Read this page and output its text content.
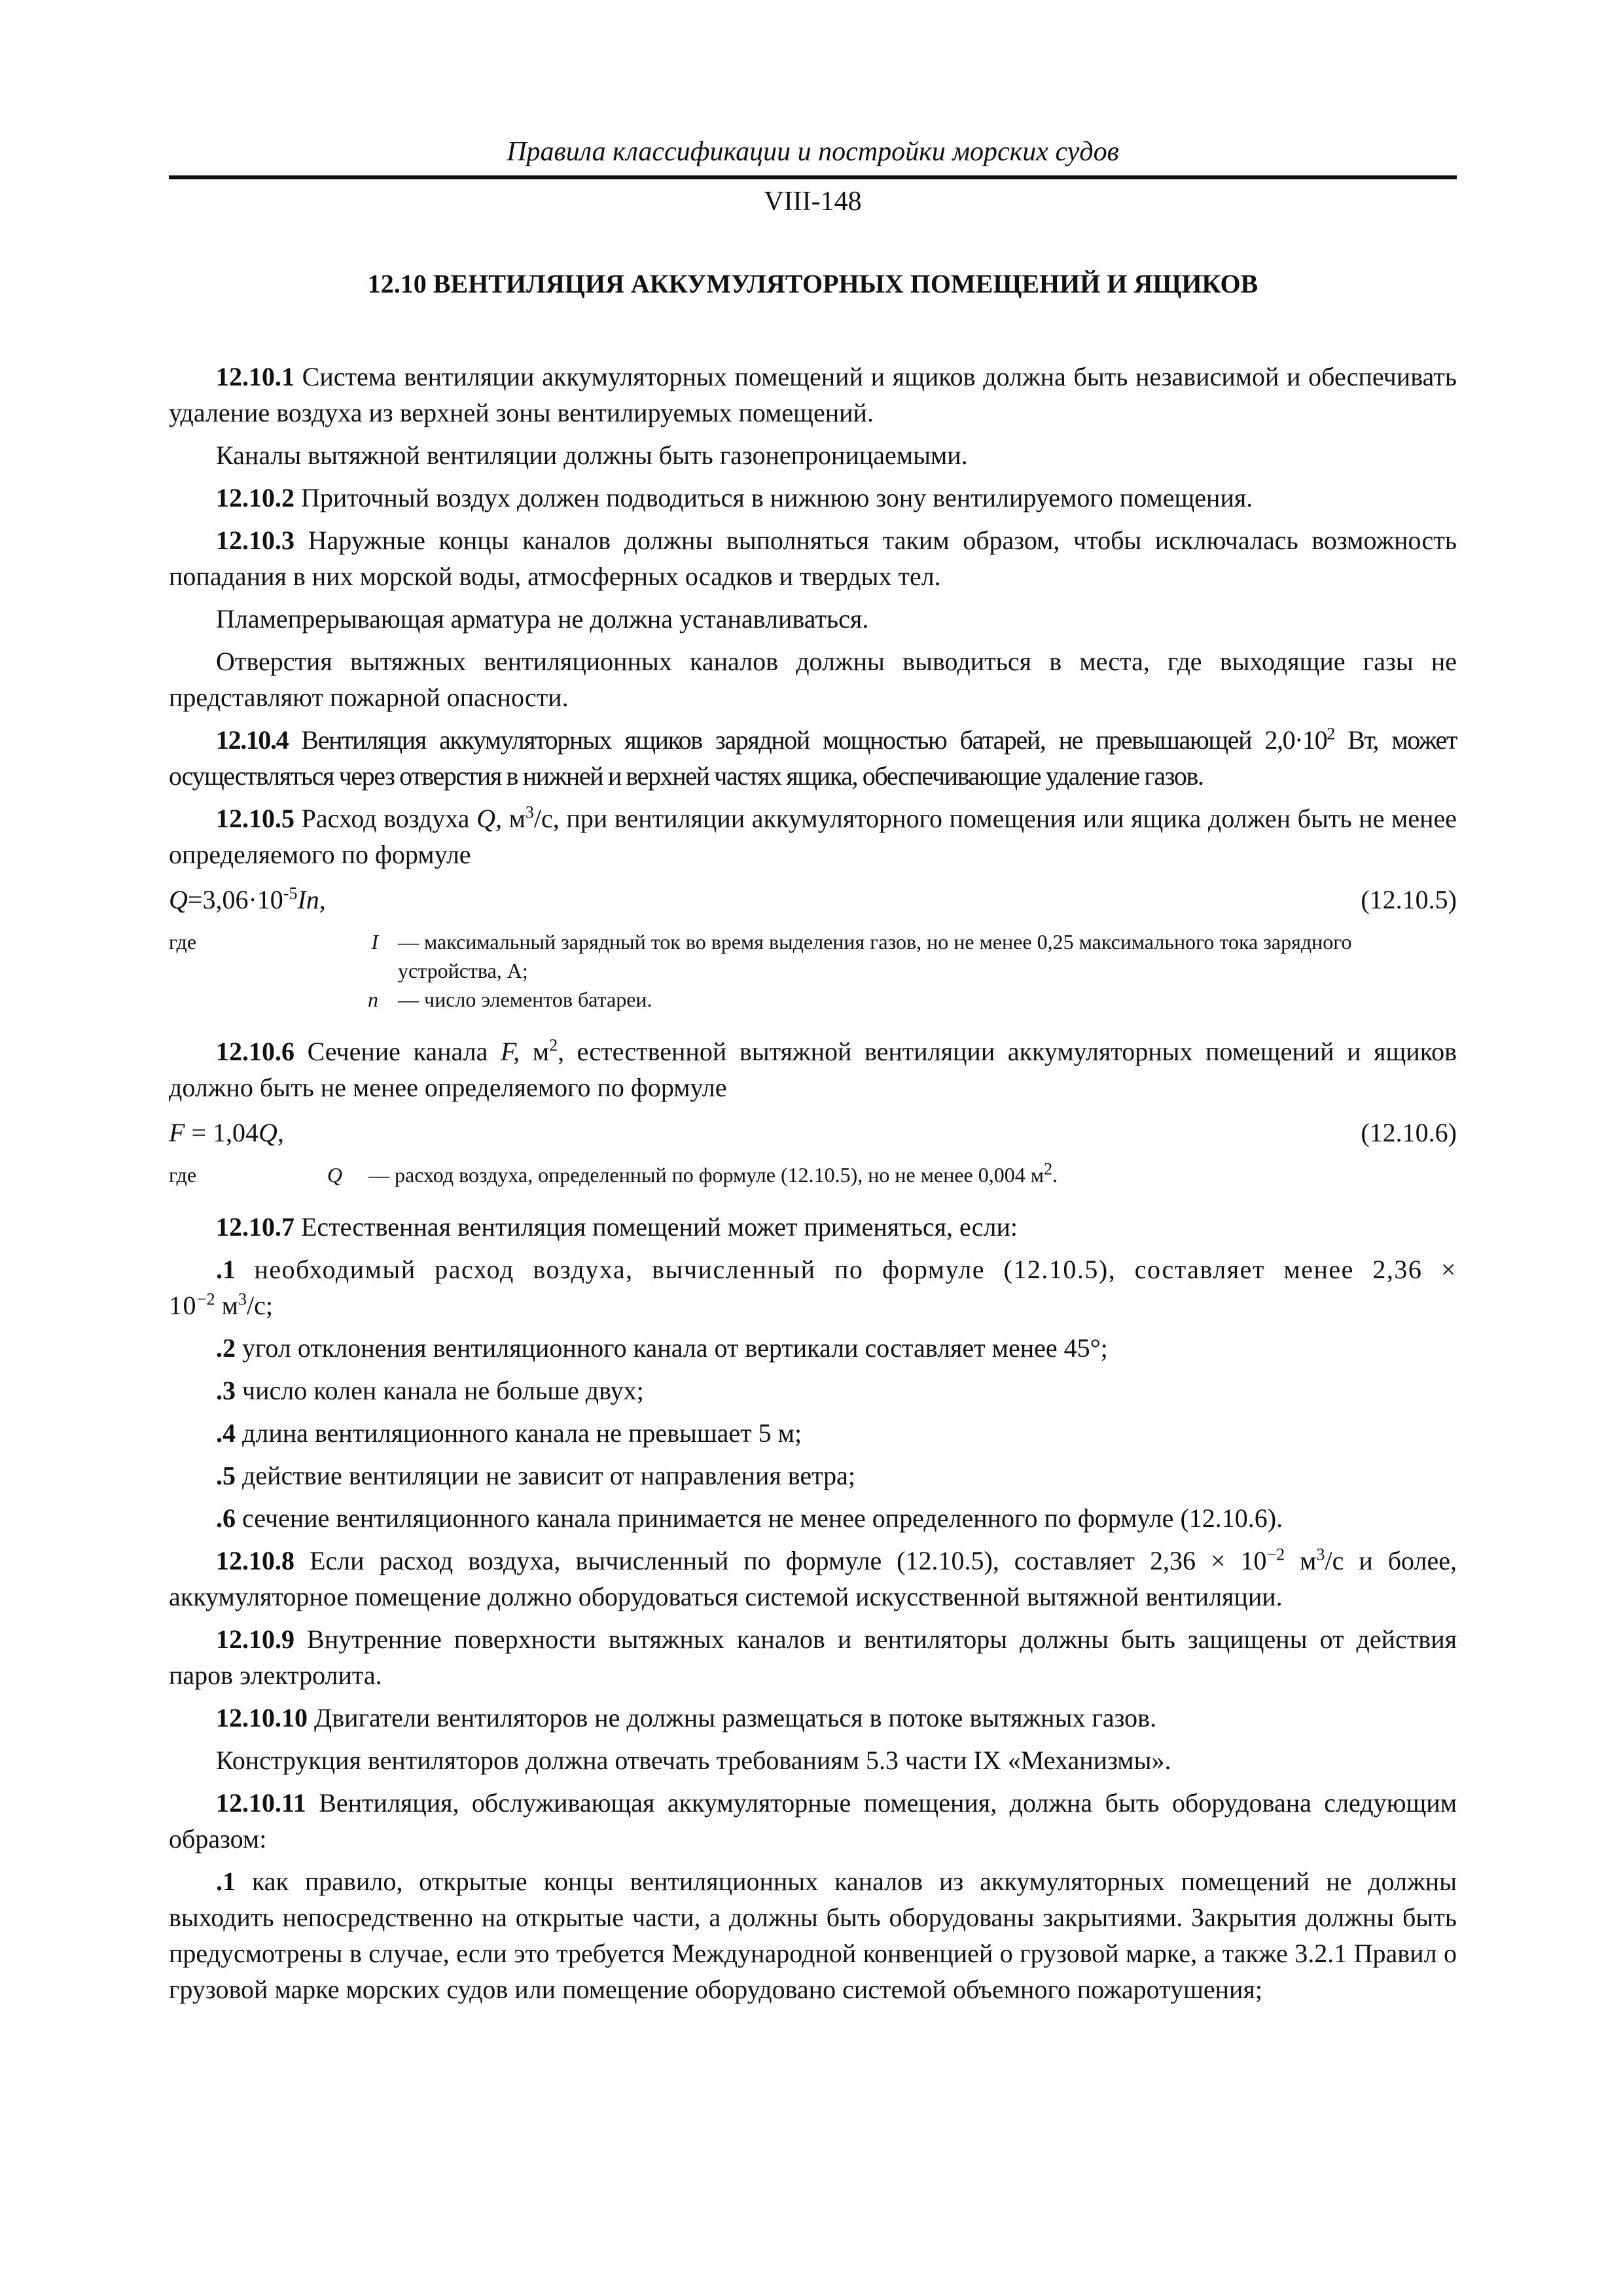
Правила классификации и постройки морских судов
VIII-148
12.10 ВЕНТИЛЯЦИЯ АККУМУЛЯТОРНЫХ ПОМЕЩЕНИЙ И ЯЩИКОВ

12.10.1 Система вентиляции аккумуляторных помещений и ящиков должна быть независимой и обеспечивать удаление воздуха из верхней зоны вентилируемых помещений.

Каналы вытяжной вентиляции должны быть газонепроницаемыми.

12.10.2 Приточный воздух должен подводиться в нижнюю зону вентилируемого помещения.

12.10.3 Наружные концы каналов должны выполняться таким образом, чтобы исключалась возможность попадания в них морской воды, атмосферных осадков и твердых тел.

Пламепрерывающая арматура не должна устанавливаться.

Отверстия вытяжных вентиляционных каналов должны выводиться в места, где выходящие газы не представляют пожарной опасности.

12.10.4 Вентиляция аккумуляторных ящиков зарядной мощностью батарей, не превышающей $2,0\cdot 10^2$ Вт, может осуществляться через отверстия в нижней и верхней частях ящика, обеспечивающие удаление газов.

12.10.5 Расход воздуха Q, $м^3/с$, при вентиляции аккумуляторного помещения или ящика должен быть не менее определяемого по формуле

$Q=3,06\cdot 10^{-5}In$,	(12.10.5)
где	I — максимальный зарядный ток во время выделения газов, но не менее 0,25 максимального тока зарядного устройства, А;
n — число элементов батареи.

12.10.6 Сечение канала F, $м^2$, естественной вытяжной вентиляции аккумуляторных помещений и ящиков должно быть не менее определяемого по формуле

F = 1,04Q,	(12.10.6)
где	Q — расход воздуха, определенный по формуле (12.10.5), но не менее 0,004 $м^2$.

12.10.7 Естественная вентиляция помещений может применяться, если:

.1 необходимый расход воздуха, вычисленный по формуле (12.10.5), составляет менее $2,36 \times 10^{-2}$ $м^3/с$;

.2 угол отклонения вентиляционного канала от вертикали составляет менее 45°;

.3 число колен канала не больше двух;

.4 длина вентиляционного канала не превышает 5 м;

.5 действие вентиляции не зависит от направления ветра;

.6 сечение вентиляционного канала принимается не менее определенного по формуле (12.10.6).

12.10.8 Если расход воздуха, вычисленный по формуле (12.10.5), составляет $2,36 \times 10^{-2}$ $м^3/с$ и более, аккумуляторное помещение должно оборудоваться системой искусственной вытяжной вентиляции.

12.10.9 Внутренние поверхности вытяжных каналов и вентиляторы должны быть защищены от действия паров электролита.

12.10.10 Двигатели вентиляторов не должны размещаться в потоке вытяжных газов.

Конструкция вентиляторов должна отвечать требованиям 5.3 части IX «Механизмы».

12.10.11 Вентиляция, обслуживающая аккумуляторные помещения, должна быть оборудована следующим образом:

.1 как правило, открытые концы вентиляционных каналов из аккумуляторных помещений не должны выходить непосредственно на открытые части, а должны быть оборудованы закрытиями. Закрытия должны быть предусмотрены в случае, если это требуется Международной конвенцией о грузовой марке, а также 3.2.1 Правил о грузовой марке морских судов или помещение оборудовано системой объемного пожаротушения;
